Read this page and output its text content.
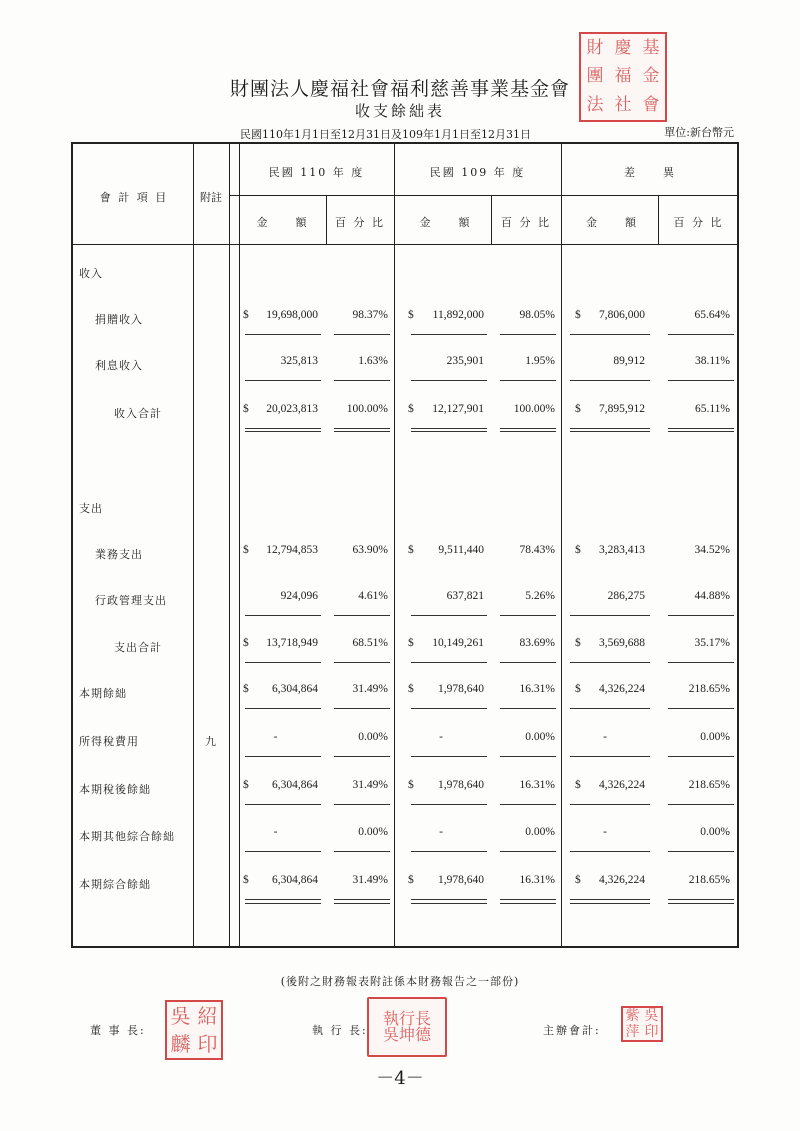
財團法人慶福社會福利慈善事業基金會
收支餘絀表
民國110年1月1日至12月31日及109年1月1日至12月31日	單位:新台幣元
財 慶 基
團 福 金
法 社 會
會 計 項 目	附註
民國 110 年 度	民國 109 年 度	差　　異
金　　額	百 分 比	金　　額	百 分 比	金　　額	百 分 比
收入
支出
捐贈收入	$ 19,698,000	98.37% $ 11,892,000	98.05% $ 7,806,000	65.64%
利息收入	325,813	1.63%	235,901	1.95%	89,912	38.11%
收入合計	$ 20,023,813	100.00% $ 12,127,901	100.00% $ 7,895,912	65.11%
業務支出	$ 12,794,853	63.90% $ 9,511,440	78.43% $ 3,283,413	34.52%
行政管理支出	924,096	4.61%	637,821	5.26%	286,275	44.88%
支出合計	$ 13,718,949	68.51% $ 10,149,261	83.69% $ 3,569,688	35.17%
本期餘絀	$ 6,304,864	31.49% $ 1,978,640	16.31% $ 4,326,224	218.65%
所得稅費用	九	-	0.00%	-	0.00%	-	0.00%
本期稅後餘絀	$ 6,304,864	31.49% $ 1,978,640	16.31% $ 4,326,224	218.65%
本期其他綜合餘絀	-	0.00%	-	0.00%	-	0.00%
本期綜合餘絀	$ 6,304,864	31.49% $ 1,978,640	16.31% $ 4,326,224	218.65%
(後附之財務報表附註係本財務報告之一部份)
董 事 長:	執 行 長:	主辦會計:
吳 紹
麟 印
執 行 長
吳 坤 德
紫 吳
萍 印
－4－
